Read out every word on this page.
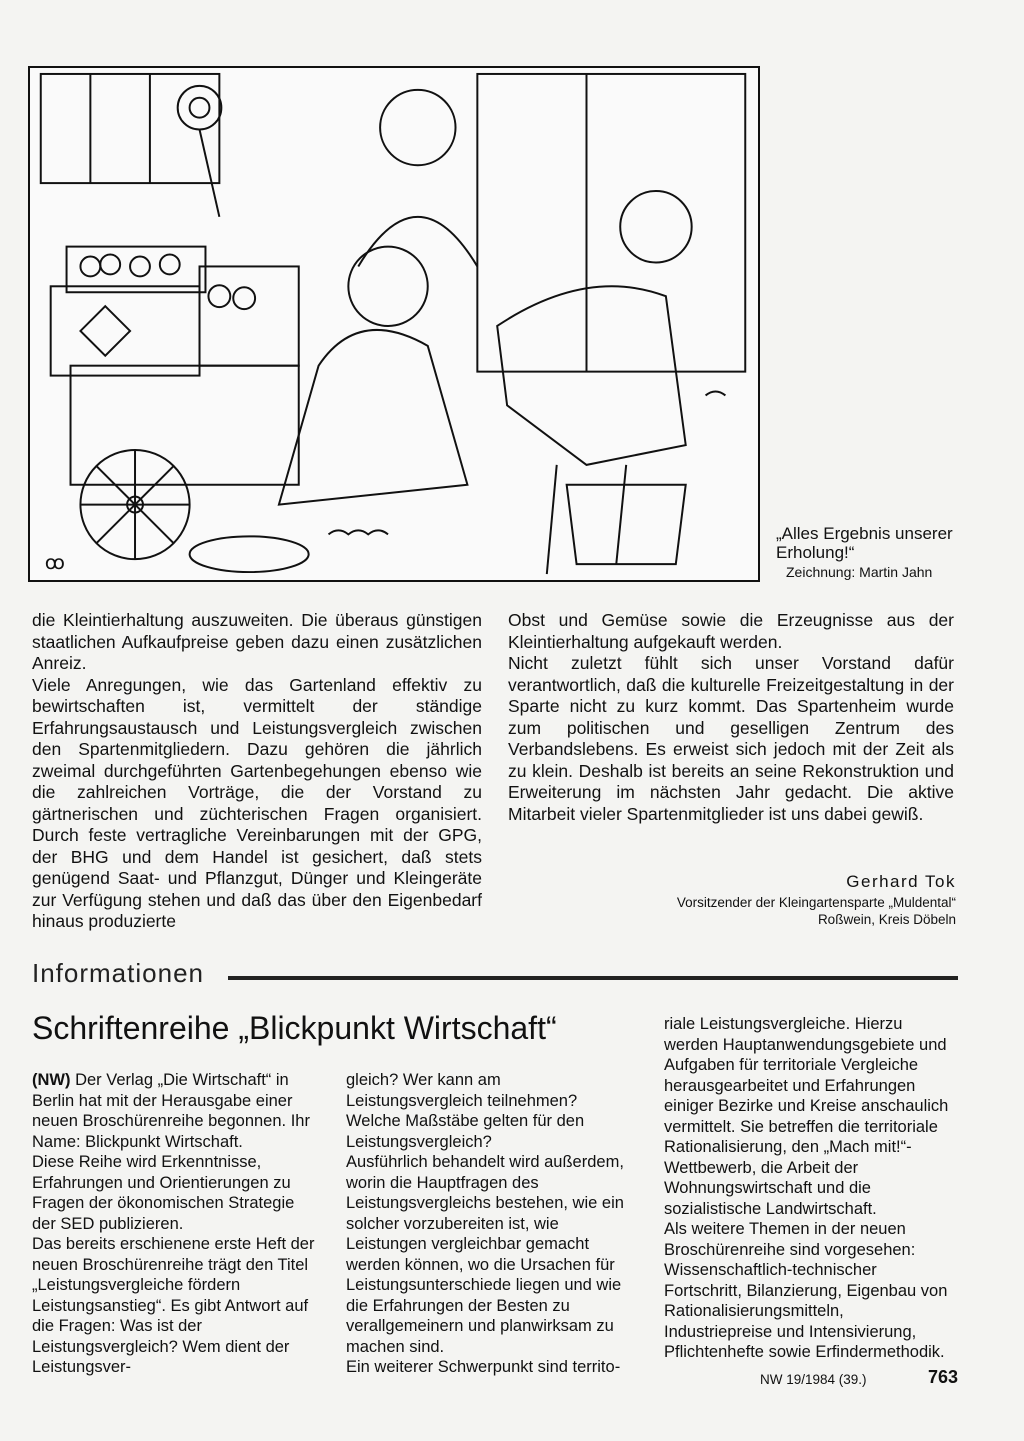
ꝏ
„Alles Ergebnis unserer Erholung!“
Zeichnung: Martin Jahn

die Kleintierhaltung auszuweiten. Die überaus günstigen staatlichen Aufkaufpreise geben dazu einen zusätzlichen Anreiz.

Viele Anregungen, wie das Gartenland effektiv zu bewirtschaften ist, vermittelt der ständige Erfahrungsaustausch und Leistungsvergleich zwischen den Spartenmitgliedern. Dazu gehören die jährlich zweimal durchgeführten Gartenbegehungen ebenso wie die zahlreichen Vorträge, die der Vorstand zu gärtnerischen und züchterischen Fragen organisiert. Durch feste vertragliche Vereinbarungen mit der GPG, der BHG und dem Handel ist gesichert, daß stets genügend Saat- und Pflanzgut, Dünger und Kleingeräte zur Verfügung stehen und daß das über den Eigenbedarf hinaus produzierte

Obst und Gemüse sowie die Erzeugnisse aus der Kleintierhaltung aufgekauft werden.

Nicht zuletzt fühlt sich unser Vorstand dafür verantwortlich, daß die kulturelle Freizeitgestaltung in der Sparte nicht zu kurz kommt. Das Spartenheim wurde zum politischen und geselligen Zentrum des Verbandslebens. Es erweist sich jedoch mit der Zeit als zu klein. Deshalb ist bereits an seine Rekonstruktion und Erweiterung im nächsten Jahr gedacht. Die aktive Mitarbeit vieler Spartenmitglieder ist uns dabei gewiß.

Gerhard Tok
Vorsitzender der Kleingartensparte „Muldental“
Roßwein, Kreis Döbeln
Informationen
Schriftenreihe „Blickpunkt Wirtschaft“

(NW) Der Verlag „Die Wirtschaft“ in Berlin hat mit der Herausgabe einer neuen Broschürenreihe begonnen. Ihr Name: Blickpunkt Wirtschaft.

Diese Reihe wird Erkenntnisse, Erfahrungen und Orientierungen zu Fragen der ökonomischen Strategie der SED publizieren.

Das bereits erschienene erste Heft der neuen Broschürenreihe trägt den Titel „Leistungsvergleiche fördern Leistungsanstieg“. Es gibt Antwort auf die Fragen: Was ist der Leistungsvergleich? Wem dient der Leistungsver-

gleich? Wer kann am Leistungsvergleich teilnehmen? Welche Maßstäbe gelten für den Leistungsvergleich?

Ausführlich behandelt wird außerdem, worin die Hauptfragen des Leistungsvergleichs bestehen, wie ein solcher vorzubereiten ist, wie Leistungen vergleichbar gemacht werden können, wo die Ursachen für Leistungsunterschiede liegen und wie die Erfahrungen der Besten zu verallgemeinern und planwirksam zu machen sind.

Ein weiterer Schwerpunkt sind territo-

riale Leistungsvergleiche. Hierzu werden Hauptanwendungsgebiete und Aufgaben für territoriale Vergleiche herausgearbeitet und Erfahrungen einiger Bezirke und Kreise anschaulich vermittelt. Sie betreffen die territoriale Rationalisierung, den „Mach mit!“-Wettbewerb, die Arbeit der Wohnungswirtschaft und die sozialistische Landwirtschaft.

Als weitere Themen in der neuen Broschürenreihe sind vorgesehen: Wissenschaftlich-technischer Fortschritt, Bilanzierung, Eigenbau von Rationalisierungsmitteln, Industriepreise und Intensivierung, Pflichtenhefte sowie Erfindermethodik.

NW 19/1984 (39.)	763
